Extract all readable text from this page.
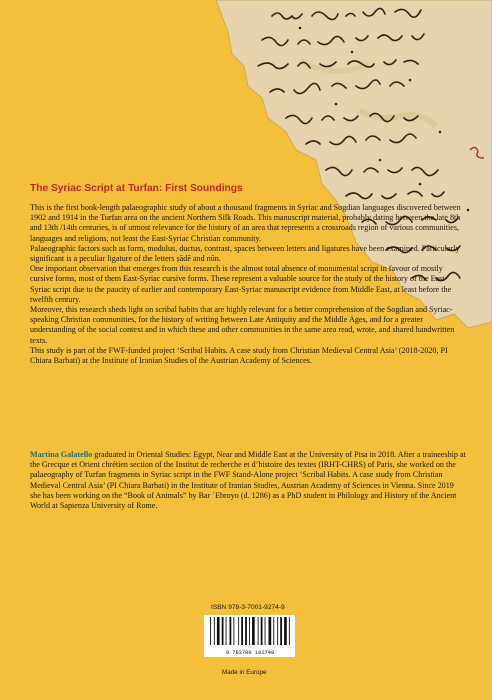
The Syriac Script at Turfan: First Soundings

This is the first book-length palaeographic study of about a thousand fragments in Syriac and Sogdian languages discovered between 1902 and 1914 in the Turfan area on the ancient Northern Silk Roads. This manuscript material, probably dating between the late 8th and 13th /14th centuries, is of utmost relevance for the history of an area that represents a crossroads region of various communities, languages and religions, not least the East-Syriac Christian community.

Palaeographic factors such as form, modulus, ductus, contrast, spaces between letters and ligatures have been examined. Particularly significant is a peculiar ligature of the letters ṣādē and nūn.

One important observation that emerges from this research is the almost total absence of monumental script in favour of mostly cursive forms, most of them East-Syriac cursive forms. These represent a valuable source for the study of the history of the East-Syriac script due to the paucity of earlier and contemporary East-Syriac manuscript evidence from Middle East, at least before the twelfth century.

Moreover, this research sheds light on scribal habits that are highly relevant for a better comprehension of the Sogdian and Syriac-speaking Christian communities, for the history of writing between Late Antiquity and the Middle Ages, and for a greater understanding of the social context and in which these and other communities in the same area read, wrote, and shared handwritten texts.

This study is part of the FWF-funded project ‘Scribal Habits. A case study from Christian Medieval Central Asia’ (2018-2020, PI Chiara Barbati) at the Institute of Iranian Studies of the Austrian Academy of Sciences.

Martina Galatello graduated in Oriental Studies: Egypt, Near and Middle East at the University of Pisa in 2018. After a traineeship at the Grecque et Orient chrétien section of the Institut de recherche et d’histoire des textes (IRHT-CHRS) of Paris, she worked on the palaeography of Turfan fragments in Syriac script in the FWF Stand-Alone project ‘Scribal Habits. A case study from Christian Medieval Central Asia’ (PI Chiara Barbati) in the Institute of Iranian Studies, Austrian Academy of Sciences in Vienna. Since 2019 she has been working on the “Book of Animals” by Bar ʿEbroyo (d. 1286) as a PhD student in Philology and History of the Ancient World at Sapienza University of Rome.
ISBN 978-3-7001-9274-9
9 783700 192749
Made in Europe
